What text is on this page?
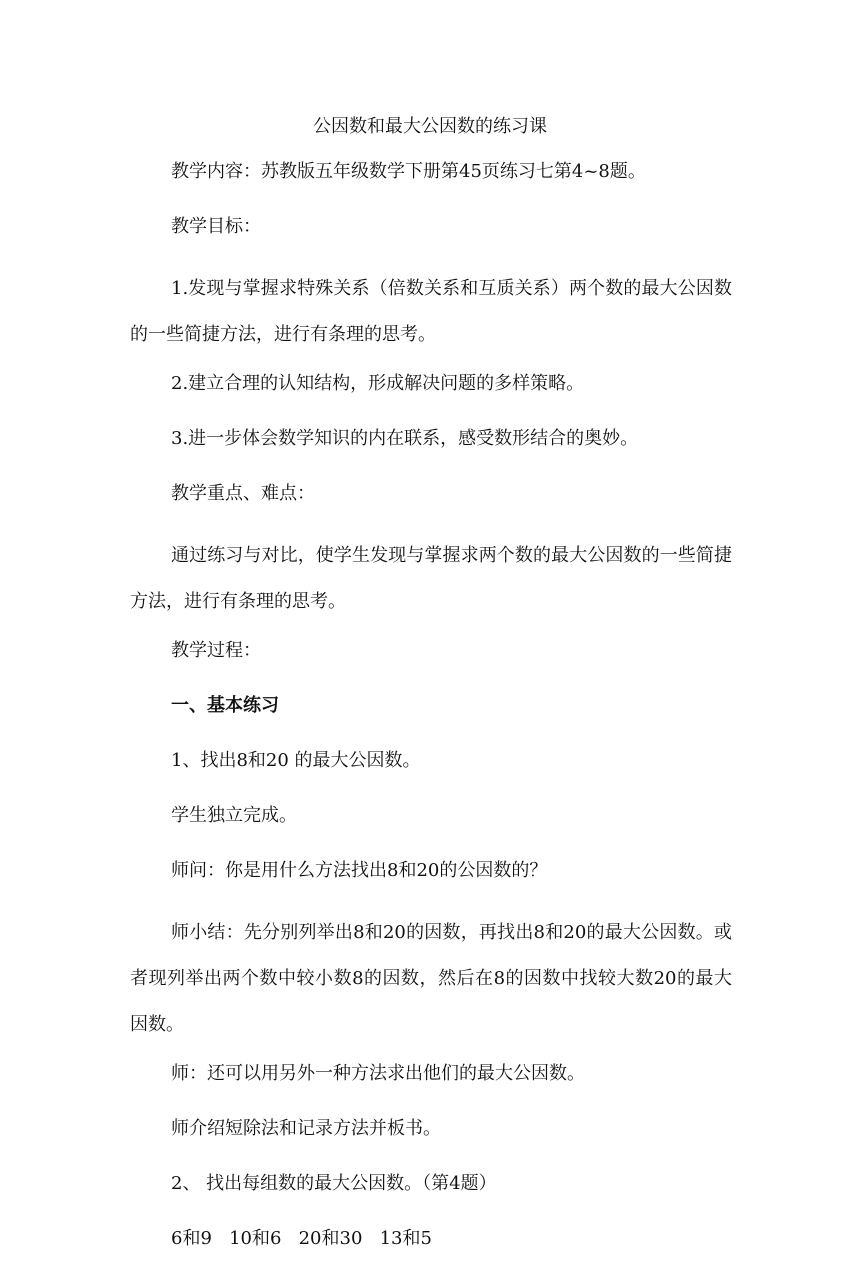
公因数和最大公因数的练习课

教学内容：苏教版五年级数学下册第45页练习七第4~8题。

教学目标：

1.发现与掌握求特殊关系（倍数关系和互质关系）两个数的最大公因数的一些简捷方法，进行有条理的思考。

2.建立合理的认知结构，形成解决问题的多样策略。

3.进一步体会数学知识的内在联系，感受数形结合的奥妙。

教学重点、难点：

通过练习与对比，使学生发现与掌握求两个数的最大公因数的一些简捷方法，进行有条理的思考。

教学过程：

一、基本练习

1、找出8和20 的最大公因数。

学生独立完成。

师问：你是用什么方法找出8和20的公因数的？

师小结：先分别列举出8和20的因数，再找出8和20的最大公因数。或者现列举出两个数中较小数8的因数，然后在8的因数中找较大数20的最大因数。

师：还可以用另外一种方法求出他们的最大公因数。

师介绍短除法和记录方法并板书。

2、 找出每组数的最大公因数。（第4题）

6和9   10和6   20和30   13和5
